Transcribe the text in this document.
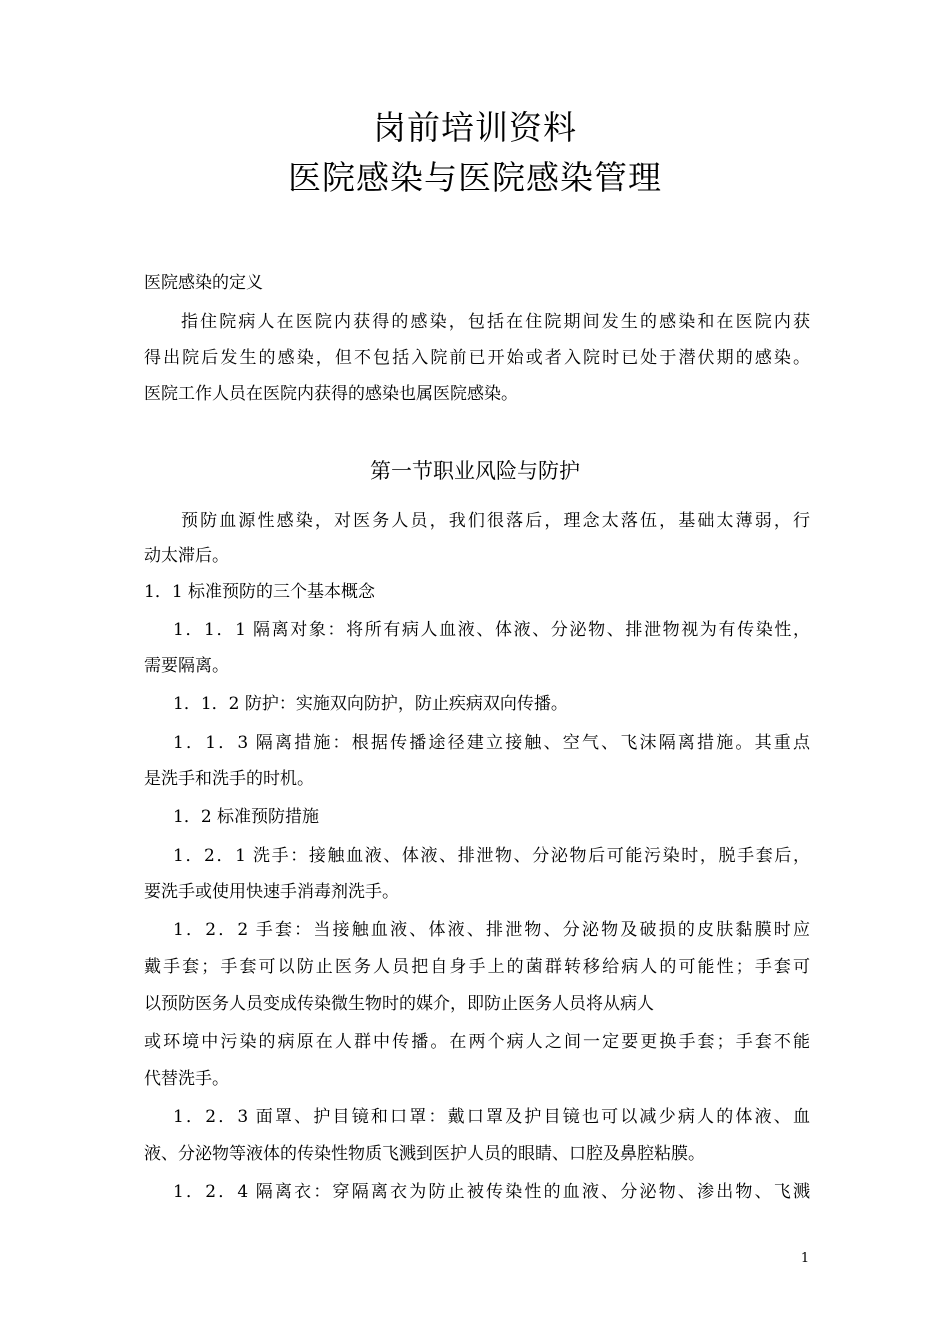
岗前培训资料
医院感染与医院感染管理
医院感染的定义
指住院病人在医院内获得的感染，包括在住院期间发生的感染和在医院内获
得出院后发生的感染，但不包括入院前已开始或者入院时已处于潜伏期的感染。
医院工作人员在医院内获得的感染也属医院感染。
第一节职业风险与防护
预防血源性感染，对医务人员，我们很落后，理念太落伍，基础太薄弱，行
动太滞后。
1．1 标准预防的三个基本概念
1．1．1 隔离对象：将所有病人血液、体液、分泌物、排泄物视为有传染性，
需要隔离。
1．1．2 防护：实施双向防护，防止疾病双向传播。
1．1．3 隔离措施：根据传播途径建立接触、空气、飞沫隔离措施。其重点
是洗手和洗手的时机。
1．2 标准预防措施
1．2．1 洗手：接触血液、体液、排泄物、分泌物后可能污染时，脱手套后，
要洗手或使用快速手消毒剂洗手。
1．2．2 手套：当接触血液、体液、排泄物、分泌物及破损的皮肤黏膜时应
戴手套；手套可以防止医务人员把自身手上的菌群转移给病人的可能性；手套可
以预防医务人员变成传染微生物时的媒介，即防止医务人员将从病人
或环境中污染的病原在人群中传播。在两个病人之间一定要更换手套；手套不能
代替洗手。
1．2．3 面罩、护目镜和口罩：戴口罩及护目镜也可以减少病人的体液、血
液、分泌物等液体的传染性物质飞溅到医护人员的眼睛、口腔及鼻腔粘膜。
1．2．4 隔离衣：穿隔离衣为防止被传染性的血液、分泌物、渗出物、飞溅
1
